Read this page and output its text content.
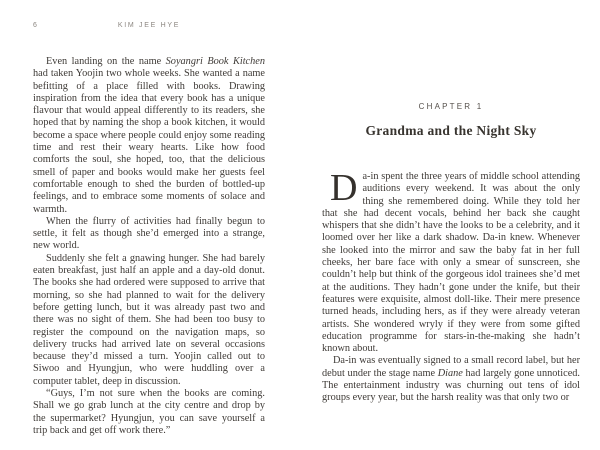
6	KIM JEE HYE

Even landing on the name Soyangri Book Kitchen had taken Yoojin two whole weeks. She wanted a name befitting of a place filled with books. Drawing inspiration from the idea that every book has a unique flavour that would appeal differently to its readers, she hoped that by naming the shop a book kitchen, it would become a space where people could enjoy some reading time and rest their weary hearts. Like how food comforts the soul, she hoped, too, that the delicious smell of paper and books would make her guests feel comfortable enough to shed the burden of bottled-up feelings, and to embrace some moments of solace and warmth.

When the flurry of activities had finally begun to settle, it felt as though she’d emerged into a strange, new world.

Suddenly she felt a gnawing hunger. She had barely eaten breakfast, just half an apple and a day-old donut. The books she had ordered were supposed to arrive that morning, so she had planned to wait for the delivery before getting lunch, but it was already past two and there was no sight of them. She had been too busy to register the compound on the navigation maps, so delivery trucks had arrived late on several occasions because they’d missed a turn. Yoojin called out to Siwoo and Hyungjun, who were huddling over a computer tablet, deep in discussion.

“Guys, I’m not sure when the books are coming. Shall we go grab lunch at the city centre and drop by the supermarket? Hyungjun, you can save yourself a trip back and get off work there.”

CHAPTER 1
Grandma and the Night Sky

Da-in spent the three years of middle school attending auditions every weekend. It was about the only thing she remembered doing. While they told her that she had decent vocals, behind her back she caught whispers that she didn’t have the looks to be a celebrity, and it loomed over her like a dark shadow. Da-in knew. Whenever she looked into the mirror and saw the baby fat in her full cheeks, her bare face with only a smear of sunscreen, she couldn’t help but think of the gorgeous idol trainees she’d met at the auditions. They hadn’t gone under the knife, but their features were exquisite, almost doll-like. Their mere presence turned heads, including hers, as if they were already veteran artists. She wondered wryly if they were from some gifted education programme for stars-in-the-making she hadn’t known about.

Da-in was eventually signed to a small record label, but her debut under the stage name Diane had largely gone unnoticed. The entertainment industry was churning out tens of idol groups every year, but the harsh reality was that only two or
